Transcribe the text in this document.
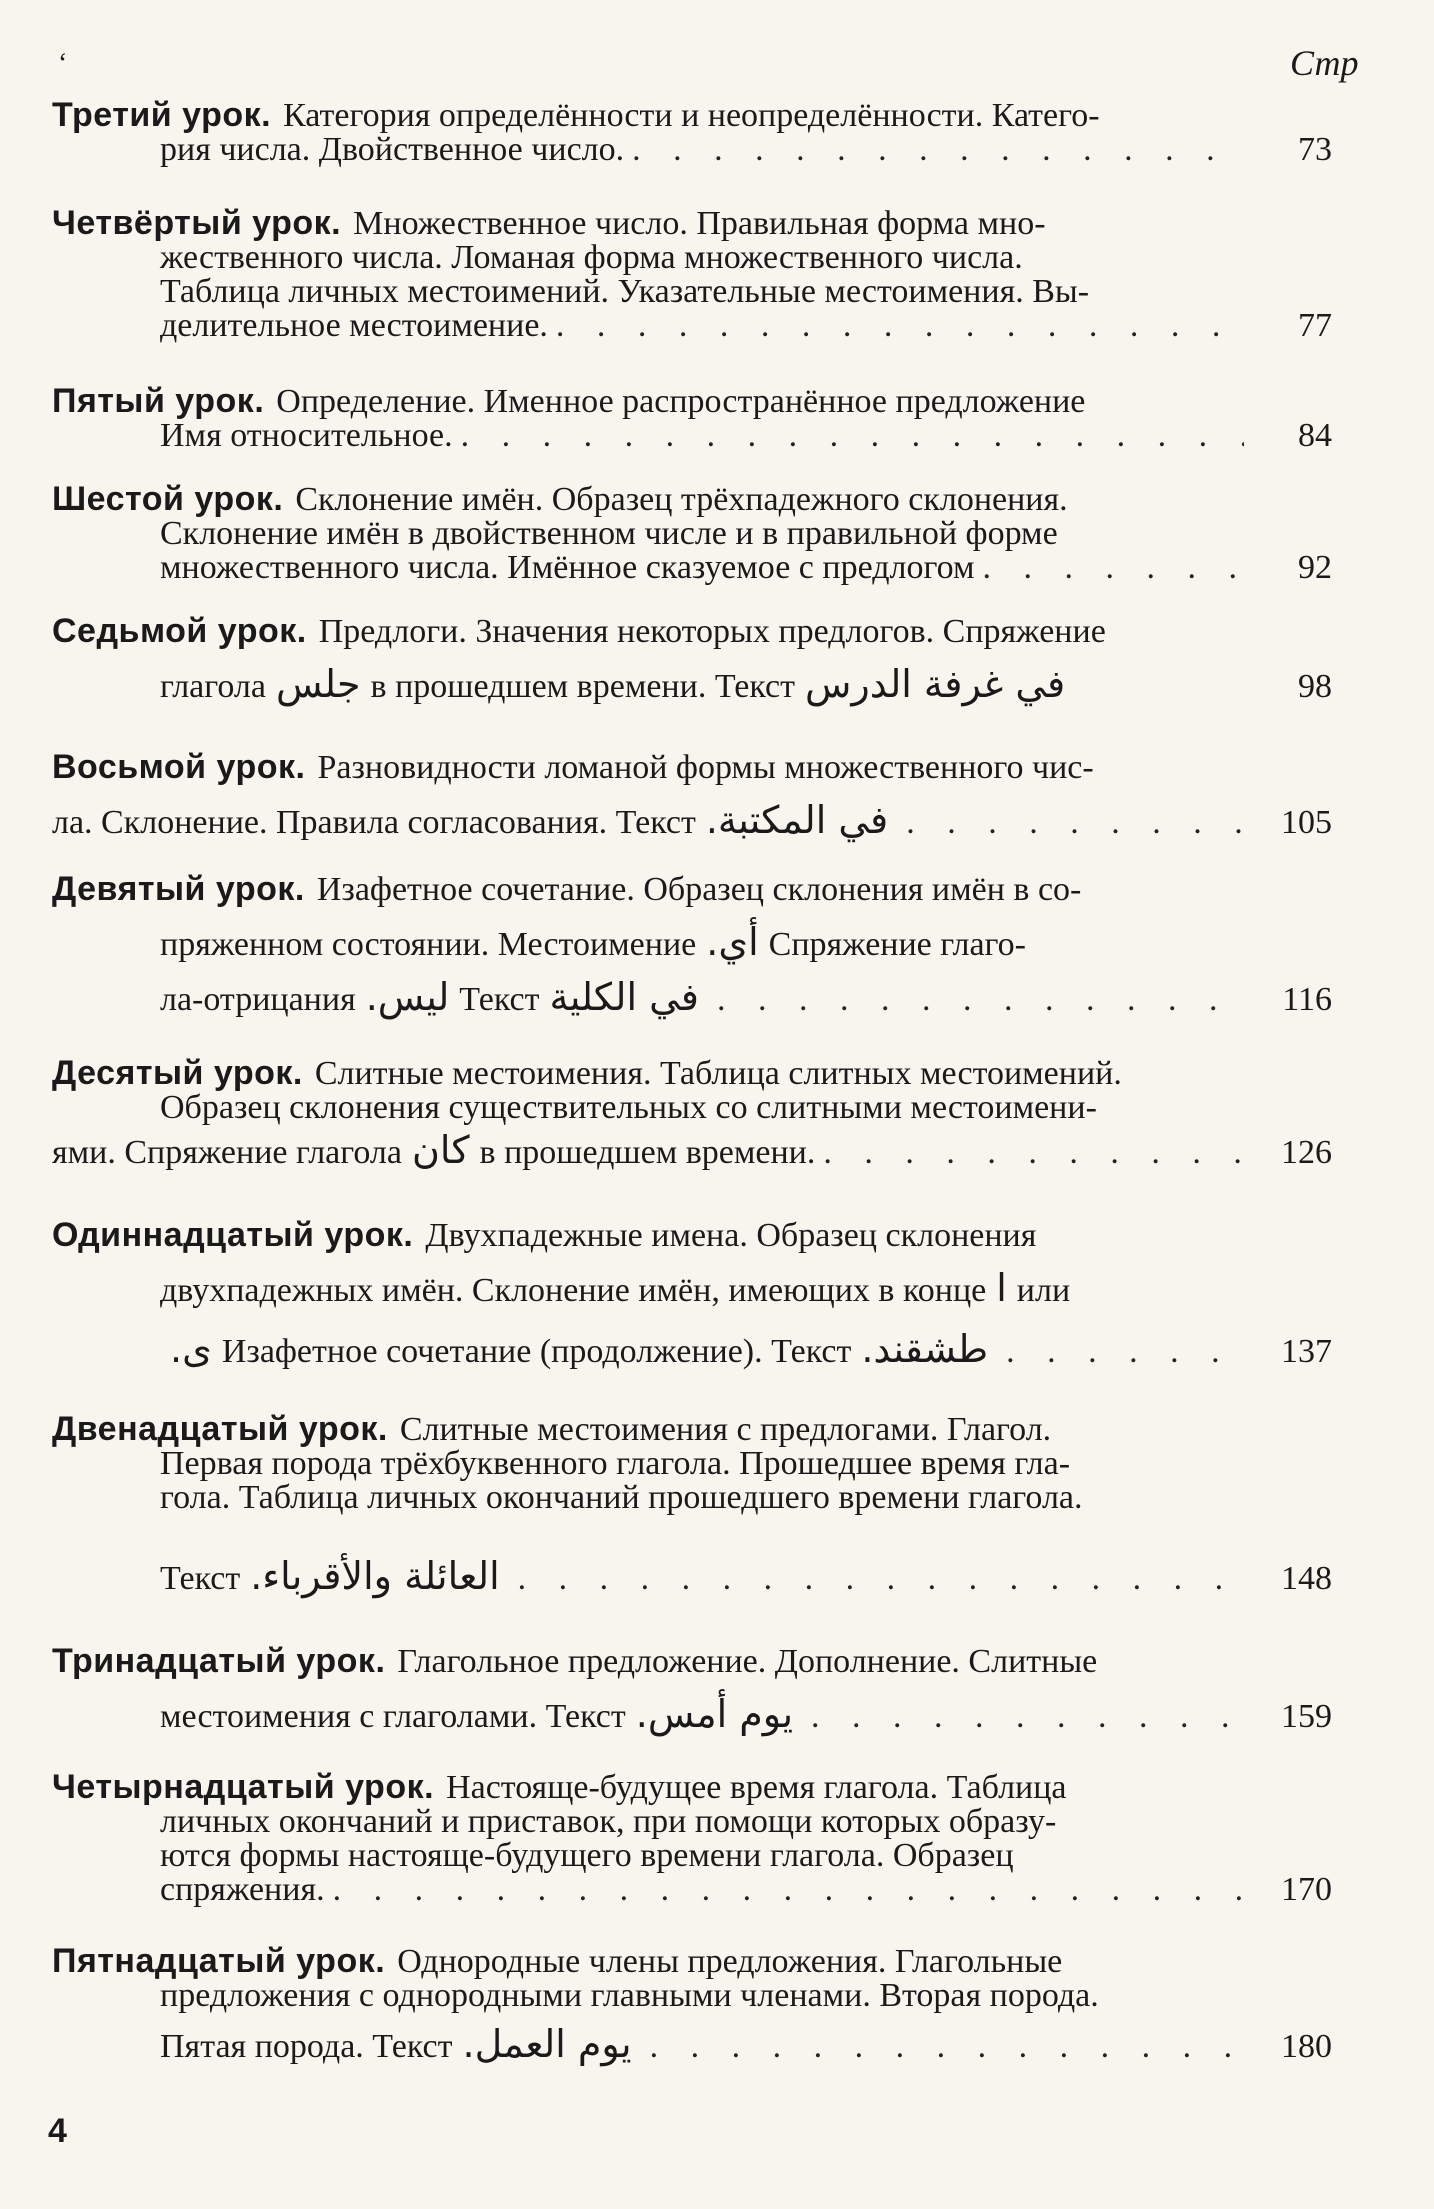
‘	Стр
Третий урок. Категория определённости и неопределённости. Катего-
рия числа. Двойственное число. . . .	73
Четвёртый урок. Множественное число. Правильная форма мно-
жественного числа. Ломаная форма множественного числа.
Таблица личных местоимений. Указательные местоимения. Вы-
делительное местоимение. . . .	77
Пятый урок. Определение. Именное распространённое предложение
Имя относительное. . . .	84
Шестой урок. Склонение имён. Образец трёхпадежного склонения.
Склонение имён в двойственном числе и в правильной форме
множественного числа. Имённое сказуемое с предлогом . . .	92
Седьмой урок. Предлоги. Значения некоторых предлогов. Спряжение
глагола جلس в прошедшем времени. Текст في غرفة الدرس	98
Восьмой урок. Разновидности ломаной формы множественного чис-
ла. Склонение. Правила согласования. Текст في المكتبة. . . .	105
Девятый урок. Изафетное сочетание. Образец склонения имён в со-
пряженном состоянии. Местоимение أي. Спряжение глаго-
ла-отрицания ليس. Текст في الكلية . . .	116
Десятый урок. Слитные местоимения. Таблица слитных местоимений.
Образец склонения существительных со слитными местоимени-
ями. Спряжение глагола كان в прошедшем времени. . . .	126
Одиннадцатый урок. Двухпадежные имена. Образец склонения
двухпадежных имён. Склонение имён, имеющих в конце ا или
ى. Изафетное сочетание (продолжение). Текст طشقند. . . .	137
Двенадцатый урок. Слитные местоимения с предлогами. Глагол.
Первая порода трёхбуквенного глагола. Прошедшее время гла-
гола. Таблица личных окончаний прошедшего времени глагола.
Текст العائلة والأقرباء. . . .	148
Тринадцатый урок. Глагольное предложение. Дополнение. Слитные
местоимения с глаголами. Текст يوم أمس. . . .	159
Четырнадцатый урок. Настояще-будущее время глагола. Таблица
личных окончаний и приставок, при помощи которых образу-
ются формы настояще-будущего времени глагола. Образец
спряжения. . . .	170
Пятнадцатый урок. Однородные члены предложения. Глагольные
предложения с однородными главными членами. Вторая порода.
Пятая порода. Текст يوم العمل. . . .	180
4
